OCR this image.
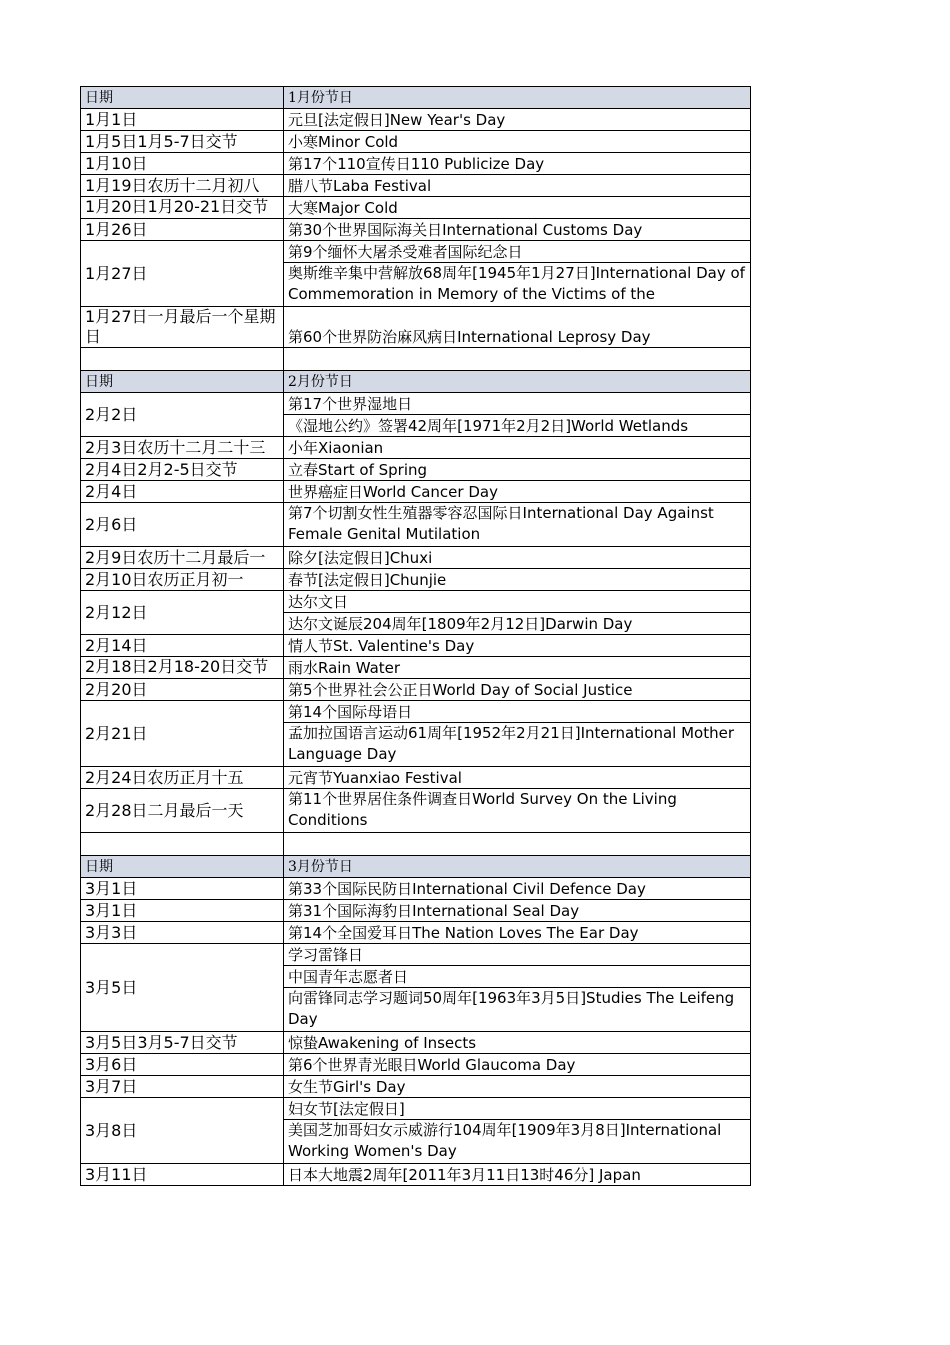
日期	1月份节日
1月1日	元旦[法定假日]New Year's Day
1月5日1月5-7日交节	小寒Minor Cold
1月10日	第17个110宣传日110 Publicize Day
1月19日农历十二月初八	腊八节Laba Festival
1月20日1月20-21日交节	大寒Major Cold
1月26日	第30个世界国际海关日International Customs Day
1月27日	第9个缅怀大屠杀受难者国际纪念日
	奥斯维辛集中营解放68周年[1945年1月27日]International Day of Commemoration in Memory of the Victims of the
1月27日一月最后一个星期日	第60个世界防治麻风病日International Leprosy Day

日期	2月份节日
2月2日	第17个世界湿地日
	《湿地公约》签署42周年[1971年2月2日]World Wetlands
2月3日农历十二月二十三	小年Xiaonian
2月4日2月2-5日交节	立春Start of Spring
2月4日	世界癌症日World Cancer Day
2月6日	第7个切割女性生殖器零容忍国际日International Day Against Female Genital Mutilation
2月9日农历十二月最后一	除夕[法定假日]Chuxi
2月10日农历正月初一	春节[法定假日]Chunjie
2月12日	达尔文日
	达尔文诞辰204周年[1809年2月12日]Darwin Day
2月14日	情人节St. Valentine's Day
2月18日2月18-20日交节	雨水Rain Water
2月20日	第5个世界社会公正日World Day of Social Justice
2月21日	第14个国际母语日
	孟加拉国语言运动61周年[1952年2月21日]International Mother Language Day
2月24日农历正月十五	元宵节Yuanxiao Festival
2月28日二月最后一天	第11个世界居住条件调查日World Survey On the Living Conditions

日期	3月份节日
3月1日	第33个国际民防日International Civil Defence Day
3月1日	第31个国际海豹日International Seal Day
3月3日	第14个全国爱耳日The Nation Loves The Ear Day
3月5日	学习雷锋日
	中国青年志愿者日
	向雷锋同志学习题词50周年[1963年3月5日]Studies The Leifeng Day
3月5日3月5-7日交节	惊蛰Awakening of Insects
3月6日	第6个世界青光眼日World Glaucoma Day
3月7日	女生节Girl's Day
3月8日	妇女节[法定假日]
	美国芝加哥妇女示威游行104周年[1909年3月8日]International Working Women's Day
3月11日	日本大地震2周年[2011年3月11日13时46分] Japan
